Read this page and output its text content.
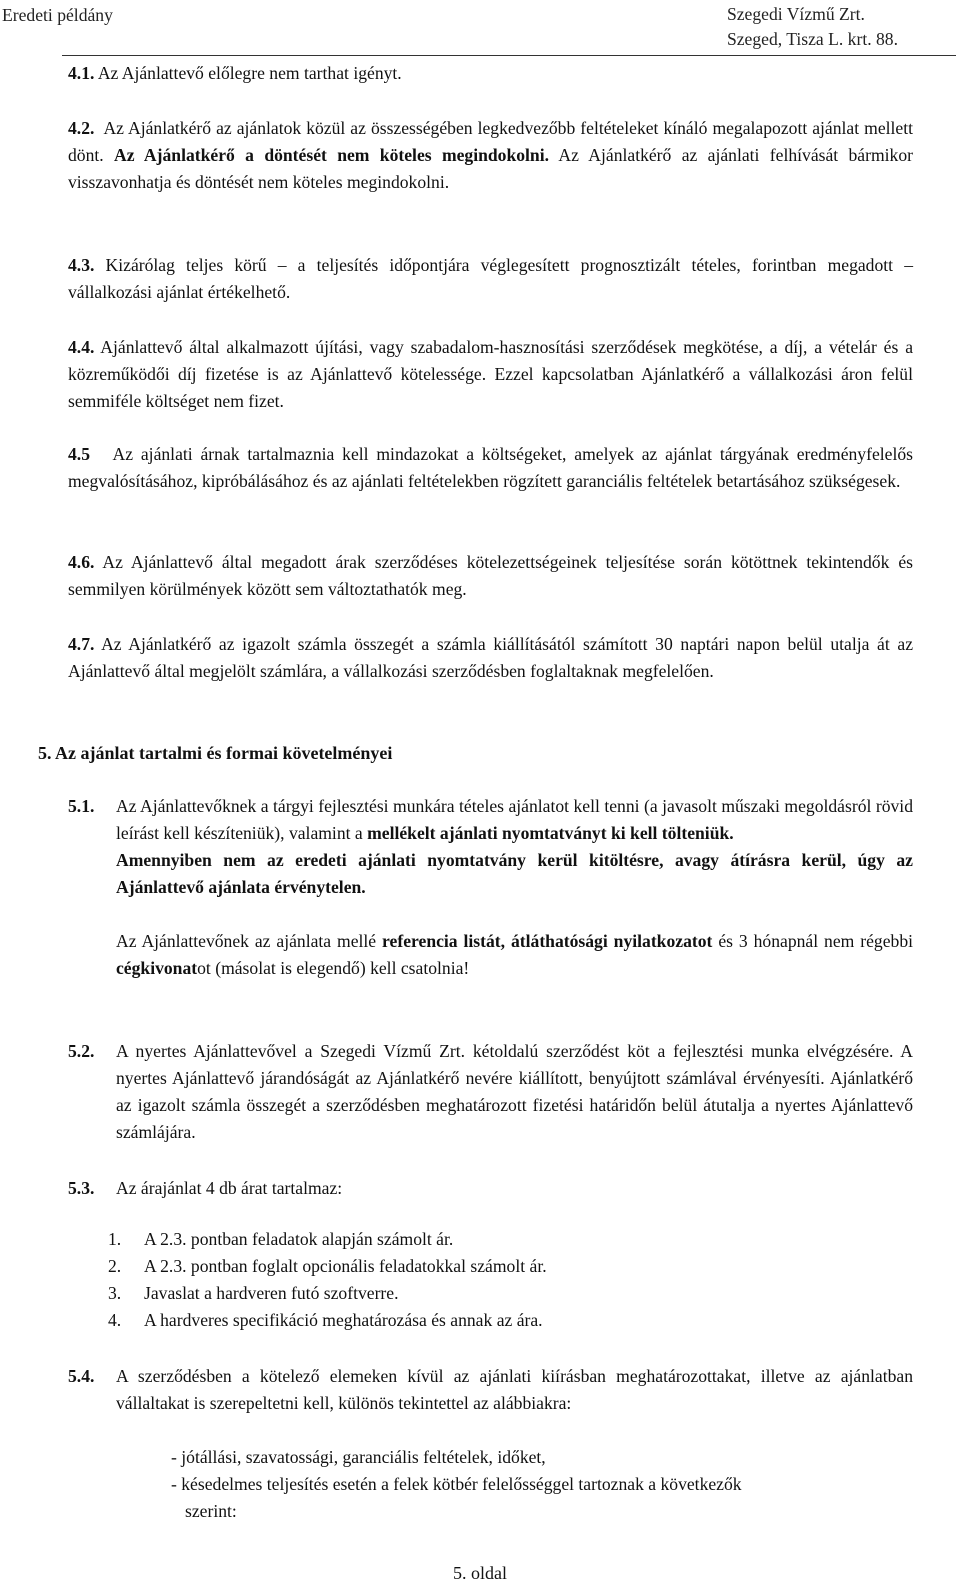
Eredeti példány	Szegedi Vízmű Zrt.
Szeged, Tisza L. krt. 88.
4.1. Az Ajánlattevő előlegre nem tarthat igényt.
4.2. Az Ajánlatkérő az ajánlatok közül az összességében legkedvezőbb feltételeket kínáló megalapozott ajánlat mellett dönt. Az Ajánlatkérő a döntését nem köteles megindokolni. Az Ajánlatkérő az ajánlati felhívását bármikor visszavonhatja és döntését nem köteles megindokolni.
4.3. Kizárólag teljes körű – a teljesítés időpontjára véglegesített prognosztizált tételes, forintban megadott – vállalkozási ajánlat értékelhető.
4.4. Ajánlattevő által alkalmazott újítási, vagy szabadalom-hasznosítási szerződések megkötése, a díj, a vételár és a közreműködői díj fizetése is az Ajánlattevő kötelessége. Ezzel kapcsolatban Ajánlatkérő a vállalkozási áron felül semmiféle költséget nem fizet.
4.5 Az ajánlati árnak tartalmaznia kell mindazokat a költségeket, amelyek az ajánlat tárgyának eredményfelelős megvalósításához, kipróbálásához és az ajánlati feltételekben rögzített garanciális feltételek betartásához szükségesek.
4.6. Az Ajánlattevő által megadott árak szerződéses kötelezettségeinek teljesítése során kötöttnek tekintendők és semmilyen körülmények között sem változtathatók meg.
4.7. Az Ajánlatkérő az igazolt számla összegét a számla kiállításától számított 30 naptári napon belül utalja át az Ajánlattevő által megjelölt számlára, a vállalkozási szerződésben foglaltaknak megfelelően.
5. Az ajánlat tartalmi és formai követelményei
5.1. Az Ajánlattevőknek a tárgyi fejlesztési munkára tételes ajánlatot kell tenni (a javasolt műszaki megoldásról rövid leírást kell készíteniük), valamint a mellékelt ajánlati nyomtatványt ki kell tölteniük.
Amennyiben nem az eredeti ajánlati nyomtatvány kerül kitöltésre, avagy átírásra kerül, úgy az Ajánlattevő ajánlata érvénytelen.
Az Ajánlattevőnek az ajánlata mellé referencia listát, átláthatósági nyilatkozatot és 3 hónapnál nem régebbi cégkivonatot (másolat is elegendő) kell csatolnia!
5.2. A nyertes Ajánlattevővel a Szegedi Vízmű Zrt. kétoldalú szerződést köt a fejlesztési munka elvégzésére. A nyertes Ajánlattevő járandóságát az Ajánlatkérő nevére kiállított, benyújtott számlával érvényesíti. Ajánlatkérő az igazolt számla összegét a szerződésben meghatározott fizetési határidőn belül átutalja a nyertes Ajánlattevő számlájára.
5.3. Az árajánlat 4 db árat tartalmaz:
1. A 2.3. pontban feladatok alapján számolt ár.
2. A 2.3. pontban foglalt opcionális feladatokkal számolt ár.
3. Javaslat a hardveren futó szoftverre.
4. A hardveres specifikáció meghatározása és annak az ára.
5.4. A szerződésben a kötelező elemeken kívül az ajánlati kiírásban meghatározottakat, illetve az ajánlatban vállaltakat is szerepeltetni kell, különös tekintettel az alábbiakra:
- jótállási, szavatossági, garanciális feltételek, időket,
- késedelmes teljesítés esetén a felek kötbér felelősséggel tartoznak a következők
szerint:
5. oldal
